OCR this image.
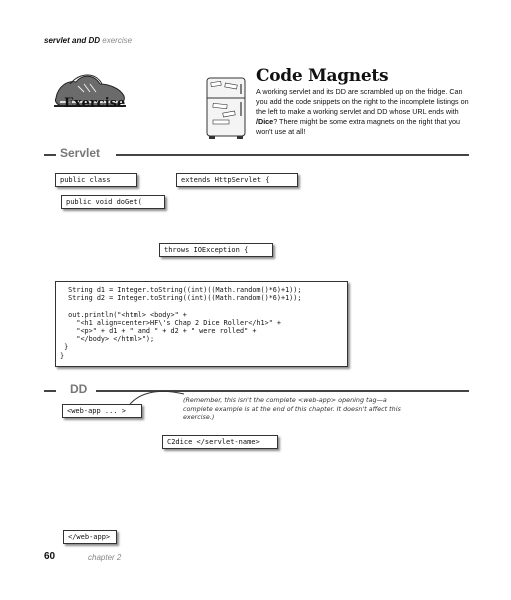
servlet and DD exercise
Exercise
Code Magnets
A working servlet and its DD are scrambled up on the fridge. Can you add the code snippets on the right to the incomplete listings on the left to make a working servlet and DD whose URL ends with /Dice? There might be some extra magnets on the right that you won't use at all!
Servlet
public class	extends HttpServlet {
public void doGet(
throws IOException {
String d1 = Integer.toString((int)((Math.random()*6)+1));
String d2 = Integer.toString((int)((Math.random()*6)+1));

out.println("<html> <body>" +
"<h1 align=center>HF\'s Chap 2 Dice Roller</h1>" +
"<p>" + d1 + " and " + d2 + " were rolled" +
"</body> </html>");
}
}
DD
(Remember, this isn't the complete <web-app> opening tag—a complete example is at the end of this chapter. It doesn't affect this exercise.)
<web-app ... >
C2dice </servlet-name>
</web-app>
60	chapter 2
